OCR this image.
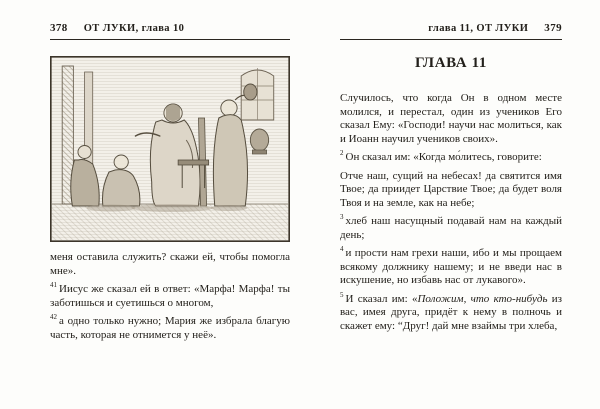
378 ОТ ЛУКИ, глава 10

меня оставила служить? скажи ей, чтобы помогла мне».

$^{41}$ Иисус же сказал ей в ответ: «Марфа! Марфа! ты заботишься и суетишься о многом,

$^{42}$ а одно только нужно; Мария же избрала благую часть, которая не отнимется у неё».

глава 11, ОТ ЛУКИ 379
ГЛАВА 11

Случилось, что когда Он в одном месте молился, и перестал, один из учеников Его сказал Ему: «Господи! научи нас молиться, как и Иоанн научил учеников своих».

$^2$ Он сказал им: «Когда мо́литесь, говорите:

Отче наш, сущий на небесах! да святится имя Твое; да приидет Царствие Твое; да будет воля Твоя и на земле, как на небе;

$^3$ хлеб наш насущный подавай нам на каждый день;

$^4$ и прости нам грехи наши, ибо и мы прощаем всякому должнику нашему; и не введи нас в искушение, но избавь нас от лукавого».

$^5$ И сказал им: «Положим, что кто-нибудь из вас, имея друга, придёт к нему в полночь и скажет ему: “Друг! дай мне взаймы три хлеба,
